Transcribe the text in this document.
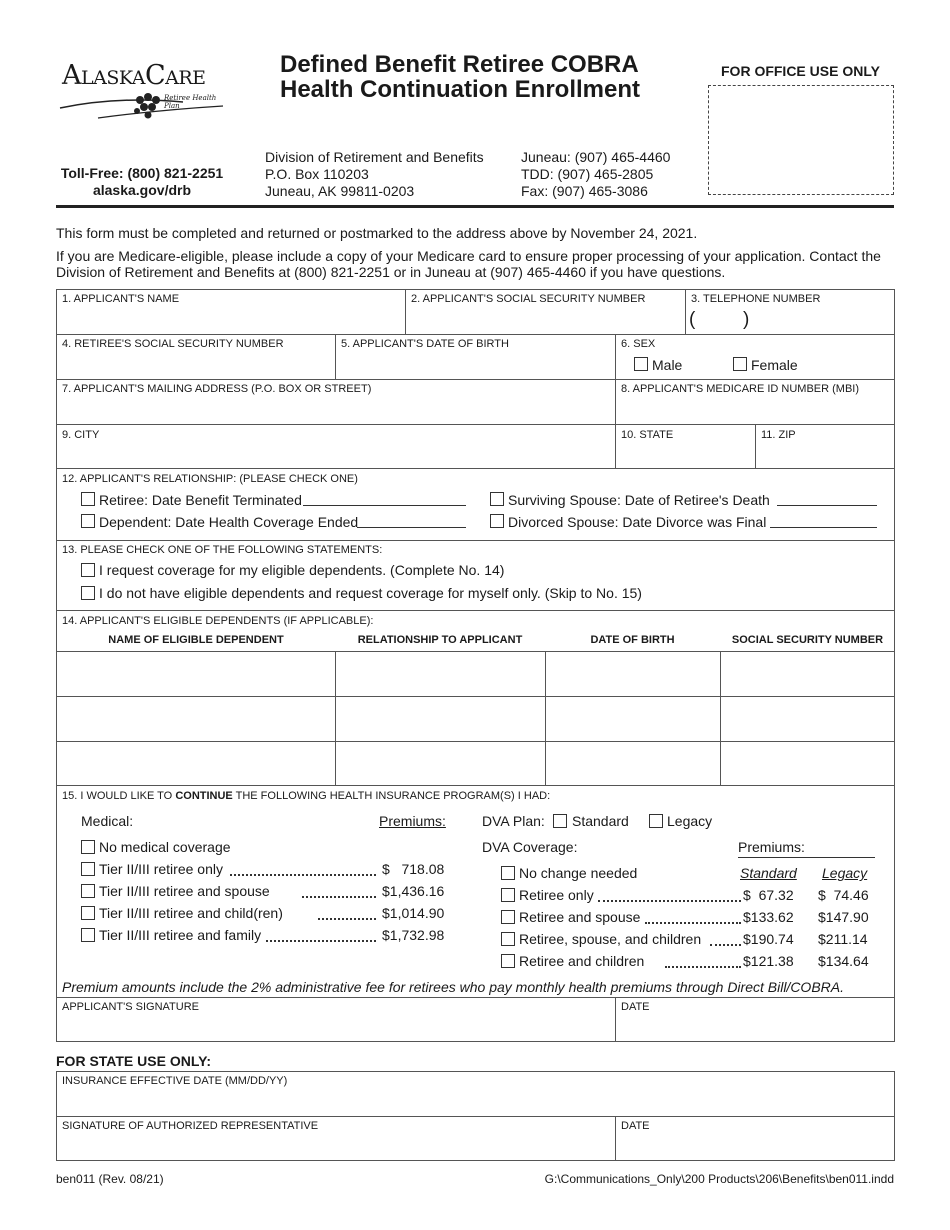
AlaskaCare
Retiree Health Plan
Defined Benefit Retiree COBRA
Health Continuation Enrollment
FOR OFFICE USE ONLY
Toll-Free: (800) 821-2251
alaska.gov/drb
Division of Retirement and Benefits
P.O. Box 110203
Juneau, AK 99811-0203
Juneau: (907) 465-4460
TDD: (907) 465-2805
Fax: (907) 465-3086
This form must be completed and returned or postmarked to the address above by November 24, 2021.
If you are Medicare-eligible, please include a copy of your Medicare card to ensure proper processing of your application. Contact the
Division of Retirement and Benefits at (800) 821-2251 or in Juneau at (907) 465-4460 if you have questions.
1. APPLICANT'S NAME	2. APPLICANT'S SOCIAL SECURITY NUMBER	3. TELEPHONE NUMBER
(	)
4. RETIREE'S SOCIAL SECURITY NUMBER	5. APPLICANT'S DATE OF BIRTH	6. SEX
Male	Female
7. APPLICANT'S MAILING ADDRESS (P.O. BOX OR STREET)	8. APPLICANT'S MEDICARE ID NUMBER (MBI)
9. CITY	10. STATE	11. ZIP
12. APPLICANT'S RELATIONSHIP: (PLEASE CHECK ONE)
Retiree: Date Benefit Terminated
Dependent: Date Health Coverage Ended
Surviving Spouse: Date of Retiree's Death
Divorced Spouse: Date Divorce was Final
13. PLEASE CHECK ONE OF THE FOLLOWING STATEMENTS:
I request coverage for my eligible dependents. (Complete No. 14)
I do not have eligible dependents and request coverage for myself only. (Skip to No. 15)
14. APPLICANT'S ELIGIBLE DEPENDENTS (IF APPLICABLE):
NAME OF ELIGIBLE DEPENDENT	RELATIONSHIP TO APPLICANT	DATE OF BIRTH	SOCIAL SECURITY NUMBER
15. I WOULD LIKE TO CONTINUE THE FOLLOWING HEALTH INSURANCE PROGRAM(S) I HAD:
Medical:	Premiums:	DVA Plan: Standard	Legacy
DVA Coverage:	Premiums:
Standard Legacy
No medical coverage
Tier II/III retiree only	$   718.08
Tier II/III retiree and spouse	$1,436.16
Tier II/III retiree and child(ren)	$1,014.90
Tier II/III retiree and family	$1,732.98
No change needed
Retiree only	$  67.32 $  74.46
Retiree and spouse	$133.62 $147.90
Retiree, spouse, and children	$190.74 $211.14
Retiree and children	$121.38 $134.64
Premium amounts include the 2% administrative fee for retirees who pay monthly health premiums through Direct Bill/COBRA.
APPLICANT'S SIGNATURE	DATE
FOR STATE USE ONLY:
INSURANCE EFFECTIVE DATE (MM/DD/YY)
SIGNATURE OF AUTHORIZED REPRESENTATIVE	DATE
ben011 (Rev. 08/21)	G:\Communications_Only\200 Products\206\Benefits\ben011.indd
